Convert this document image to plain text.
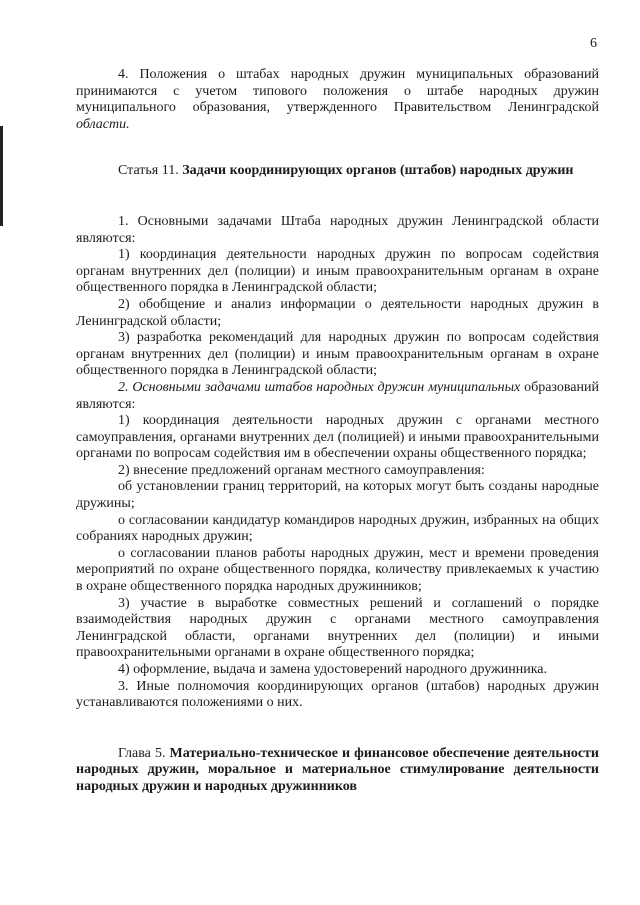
6

4. Положения о штабах народных дружин муниципальных образований принимаются с учетом типового положения о штабе народных дружин муниципального образования, утвержденного Правительством Ленинградской области.

Статья 11. Задачи координирующих органов (штабов) народных дружин

1. Основными задачами Штаба народных дружин Ленинградской области являются:

1) координация деятельности народных дружин по вопросам содействия органам внутренних дел (полиции) и иным правоохранительным органам в охране общественного порядка в Ленинградской области;

2) обобщение и анализ информации о деятельности народных дружин в Ленинградской области;

3) разработка рекомендаций для народных дружин по вопросам содействия органам внутренних дел (полиции) и иным правоохранительным органам в охране общественного порядка в Ленинградской области;

2. Основными задачами штабов народных дружин муниципальных образований являются:

1) координация деятельности народных дружин с органами местного самоуправления, органами внутренних дел (полицией) и иными правоохранительными органами по вопросам содействия им в обеспечении охраны общественного порядка;

2) внесение предложений органам местного самоуправления:

об установлении границ территорий, на которых могут быть созданы народные дружины;

о согласовании кандидатур командиров народных дружин, избранных на общих собраниях народных дружин;

о согласовании планов работы народных дружин, мест и времени проведения мероприятий по охране общественного порядка, количеству привлекаемых к участию в охране общественного порядка народных дружинников;

3) участие в выработке совместных решений и соглашений о порядке взаимодействия народных дружин с органами местного самоуправления Ленинградской области, органами внутренних дел (полиции) и иными правоохранительными органами в охране общественного порядка;

4) оформление, выдача и замена удостоверений народного дружинника.

3. Иные полномочия координирующих органов (штабов) народных дружин устанавливаются положениями о них.

Глава 5. Материально-техническое и финансовое обеспечение деятельности народных дружин, моральное и материальное стимулирование деятельности народных дружин и народных дружинников
